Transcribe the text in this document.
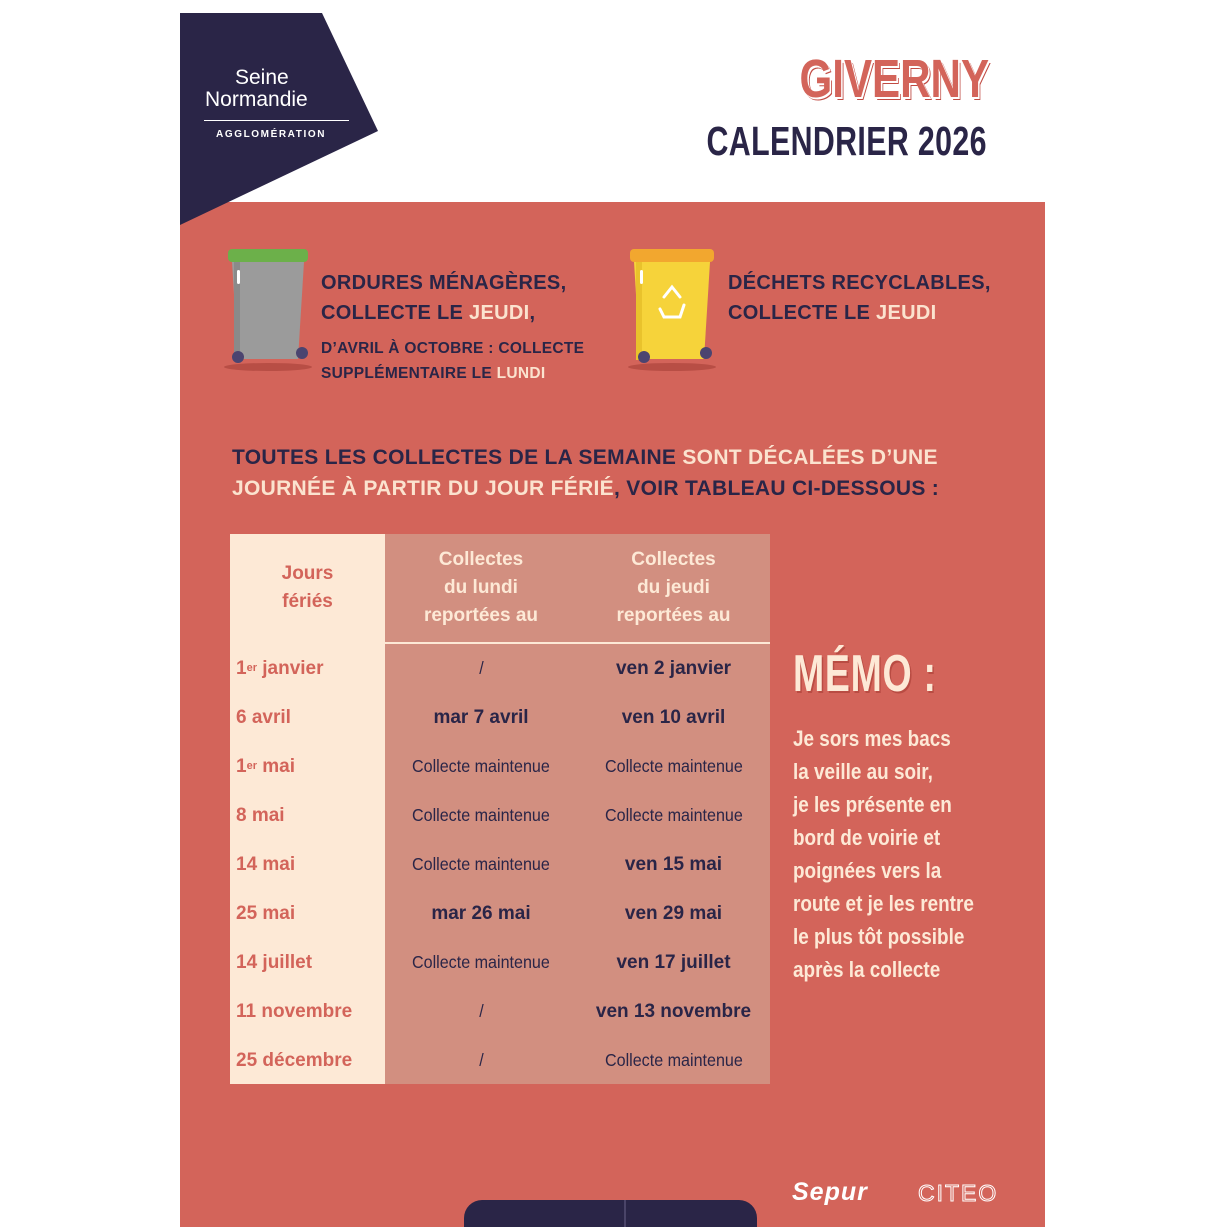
Seine
Normandie
AGGLOMÉRATION
GIVERNY
CALENDRIER 2026
ORDURES MÉNAGÈRES,
COLLECTE LE JEUDI,
D’AVRIL À OCTOBRE : COLLECTE
SUPPLÉMENTAIRE LE LUNDI
DÉCHETS RECYCLABLES,
COLLECTE LE JEUDI
TOUTES LES COLLECTES DE LA SEMAINE SONT DÉCALÉES D’UNE JOURNÉE À PARTIR DU JOUR FÉRIÉ, VOIR TABLEAU CI-DESSOUS :
Jours
fériés
Collectes
du lundi
reportées au
Collectes
du jeudi
reportées au
1 er janvier	/	ven 2 janvier
6 avril	mar 7 avril	ven 10 avril
1 er mai	Collecte maintenue	Collecte maintenue
8 mai	Collecte maintenue	Collecte maintenue
14 mai	Collecte maintenue	ven 15 mai
25 mai	mar 26 mai	ven 29 mai
14 juillet	Collecte maintenue	ven 17 juillet
11 novembre	/	ven 13 novembre
25 décembre	/	Collecte maintenue
MÉMO :
Je sors mes bacs
la veille au soir,
je les présente en
bord de voirie et
poignées vers la
route et je les rentre
le plus tôt possible
après la collecte
Sepur CITEO
